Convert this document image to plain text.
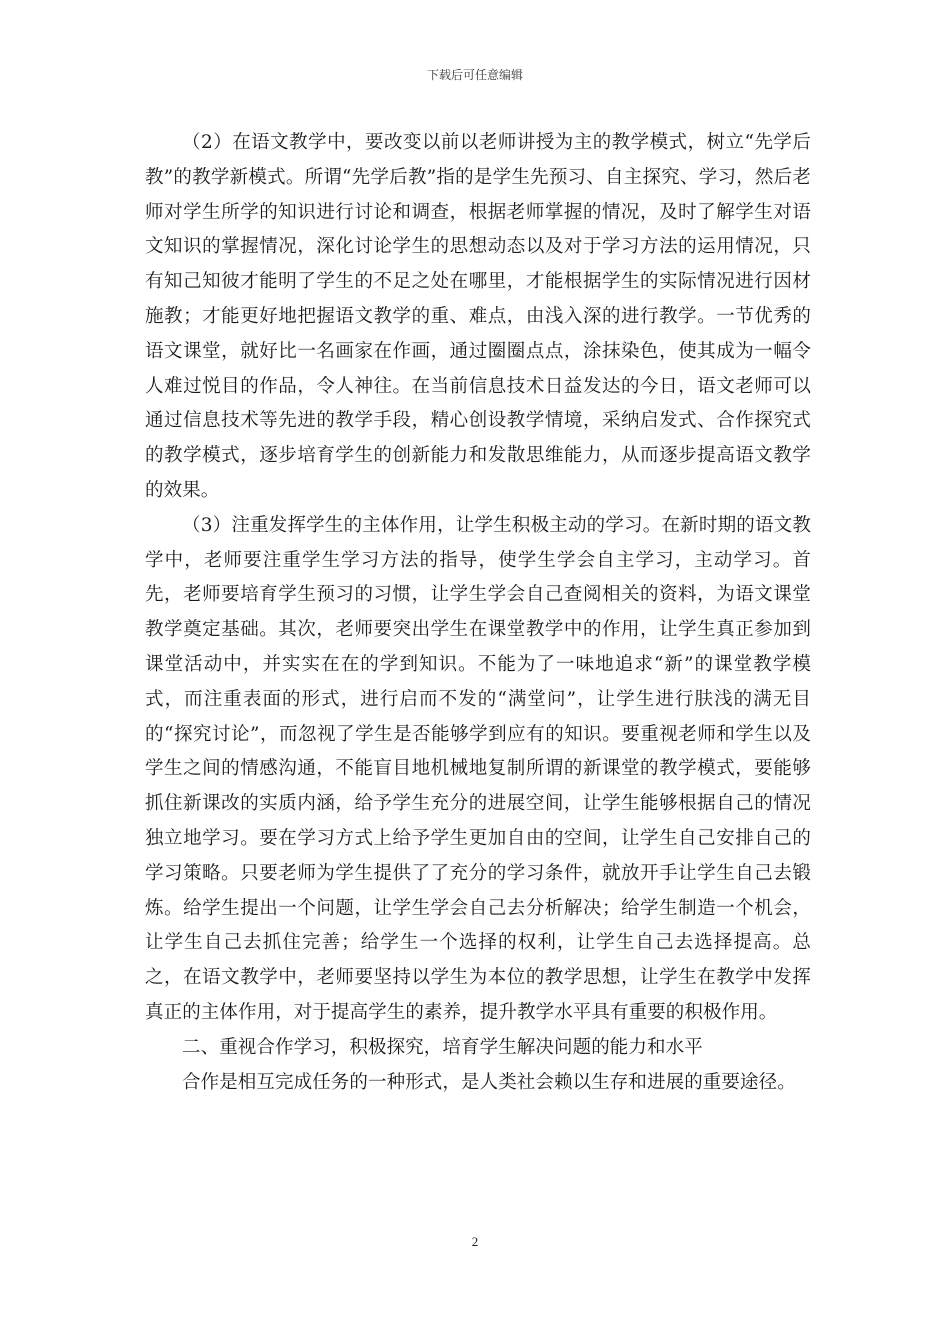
下载后可任意编辑

（2）在语文教学中，要改变以前以老师讲授为主的教学模式，树立“先学后教”的教学新模式。所谓“先学后教”指的是学生先预习、自主探究、学习，然后老师对学生所学的知识进行讨论和调查，根据老师掌握的情况，及时了解学生对语文知识的掌握情况，深化讨论学生的思想动态以及对于学习方法的运用情况，只有知己知彼才能明了学生的不足之处在哪里，才能根据学生的实际情况进行因材施教；才能更好地把握语文教学的重、难点，由浅入深的进行教学。一节优秀的语文课堂，就好比一名画家在作画，通过圈圈点点，涂抹染色，使其成为一幅令人难过悦目的作品，令人神往。在当前信息技术日益发达的今日，语文老师可以通过信息技术等先进的教学手段，精心创设教学情境，采纳启发式、合作探究式的教学模式，逐步培育学生的创新能力和发散思维能力，从而逐步提高语文教学的效果。

（3）注重发挥学生的主体作用，让学生积极主动的学习。在新时期的语文教学中，老师要注重学生学习方法的指导，使学生学会自主学习，主动学习。首先，老师要培育学生预习的习惯，让学生学会自己查阅相关的资料，为语文课堂教学奠定基础。其次，老师要突出学生在课堂教学中的作用，让学生真正参加到课堂活动中，并实实在在的学到知识。不能为了一味地追求“新”的课堂教学模式，而注重表面的形式，进行启而不发的“满堂问”，让学生进行肤浅的满无目的“探究讨论”，而忽视了学生是否能够学到应有的知识。要重视老师和学生以及学生之间的情感沟通，不能盲目地机械地复制所谓的新课堂的教学模式，要能够抓住新课改的实质内涵，给予学生充分的进展空间，让学生能够根据自己的情况独立地学习。要在学习方式上给予学生更加自由的空间，让学生自己安排自己的学习策略。只要老师为学生提供了了充分的学习条件，就放开手让学生自己去锻炼。给学生提出一个问题，让学生学会自己去分析解决；给学生制造一个机会，让学生自己去抓住完善；给学生一个选择的权利，让学生自己去选择提高。总之，在语文教学中，老师要坚持以学生为本位的教学思想，让学生在教学中发挥真正的主体作用，对于提高学生的素养，提升教学水平具有重要的积极作用。

二、重视合作学习，积极探究，培育学生解决问题的能力和水平

合作是相互完成任务的一种形式，是人类社会赖以生存和进展的重要途径。

2
